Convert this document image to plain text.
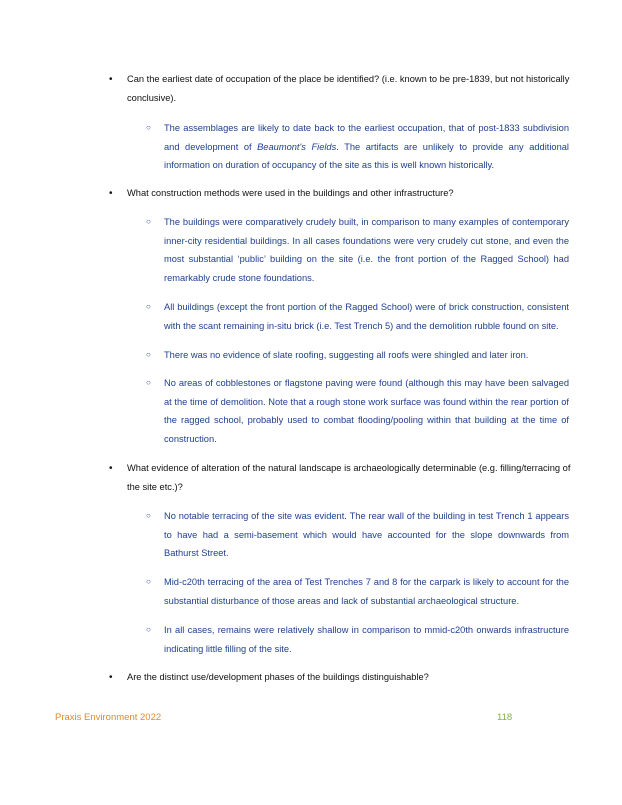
• Can the earliest date of occupation of the place be identified? (i.e. known to be pre-1839, but not historically conclusive).
○ The assemblages are likely to date back to the earliest occupation, that of post-1833 subdivision and development of Beaumont's Fields. The artifacts are unlikely to provide any additional information on duration of occupancy of the site as this is well known historically.
• What construction methods were used in the buildings and other infrastructure?
○ The buildings were comparatively crudely built, in comparison to many examples of contemporary inner-city residential buildings. In all cases foundations were very crudely cut stone, and even the most substantial ‘public’ building on the site (i.e. the front portion of the Ragged School) had remarkably crude stone foundations.
○ All buildings (except the front portion of the Ragged School) were of brick construction, consistent with the scant remaining in-situ brick (i.e. Test Trench 5) and the demolition rubble found on site.
○ There was no evidence of slate roofing, suggesting all roofs were shingled and later iron.
○ No areas of cobblestones or flagstone paving were found (although this may have been salvaged at the time of demolition. Note that a rough stone work surface was found within the rear portion of the ragged school, probably used to combat flooding/pooling within that building at the time of construction.
• What evidence of alteration of the natural landscape is archaeologically determinable (e.g. filling/terracing of the site etc.)?
○ No notable terracing of the site was evident. The rear wall of the building in test Trench 1 appears to have had a semi-basement which would have accounted for the slope downwards from Bathurst Street.
○ Mid-c20th terracing of the area of Test Trenches 7 and 8 for the carpark is likely to account for the substantial disturbance of those areas and lack of substantial archaeological structure.
○ In all cases, remains were relatively shallow in comparison to mmid-c20th onwards infrastructure indicating little filling of the site.
• Are the distinct use/development phases of the buildings distinguishable?
Praxis Environment 2022	118
